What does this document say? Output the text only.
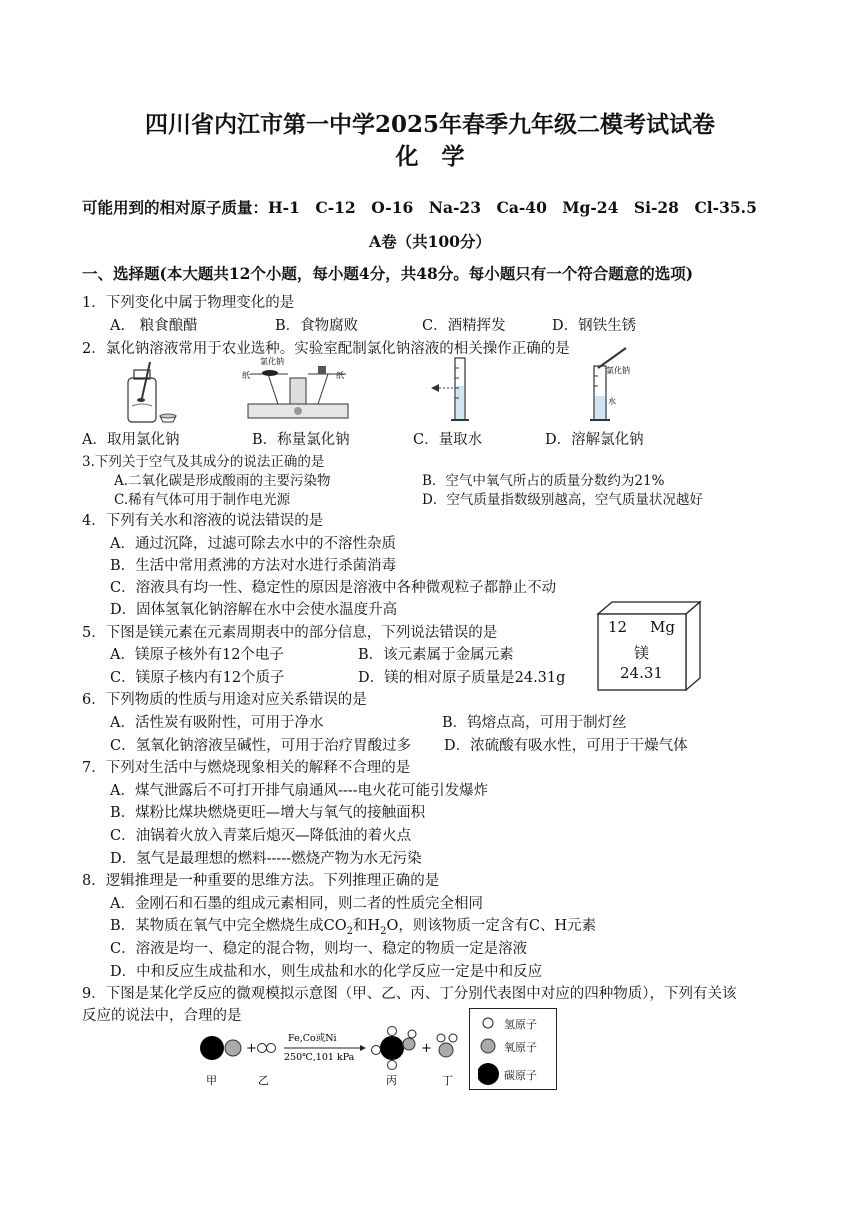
四川省内江市第一中学2025年春季九年级二模考试试卷
化　学
可能用到的相对原子质量：H-1　C-12　O-16　Na-23　Ca-40　Mg-24　Si-28　Cl-35.5
A卷（共100分）
一、选择题(本大题共12个小题，每小题4分，共48分。每小题只有一个符合题意的选项)
1．下列变化中属于物理变化的是
A． 粮食酿醋	B．食物腐败	C．酒精挥发	D．钢铁生锈
2．氯化钠溶液常用于农业选种。实验室配制氯化钠溶液的相关操作正确的是
氯化钠
纸	纸
氯化钠
水
A．取用氯化钠	B．称量氯化钠	C．量取水	D．溶解氯化钠
3.下列关于空气及其成分的说法正确的是
A.二氧化碳是形成酸雨的主要污染物	B．空气中氧气所占的质量分数约为21%
C.稀有气体可用于制作电光源	D．空气质量指数级别越高，空气质量状况越好
4．下列有关水和溶液的说法错误的是
A．通过沉降，过滤可除去水中的不溶性杂质
B．生活中常用煮沸的方法对水进行杀菌消毒
C．溶液具有均一性、稳定性的原因是溶液中各种微观粒子都静止不动
D．固体氢氧化钠溶解在水中会使水温度升高
5．下图是镁元素在元素周期表中的部分信息，下列说法错误的是
A．镁原子核外有12个电子	B．该元素属于金属元素
C．镁原子核内有12个质子	D．镁的相对原子质量是24.31g
12 Mg
镁
24.31
6．下列物质的性质与用途对应关系错误的是
A．活性炭有吸附性，可用于净水	B．钨熔点高，可用于制灯丝
C．氢氧化钠溶液呈碱性，可用于治疗胃酸过多 D．浓硫酸有吸水性，可用于干燥气体
7．下列对生活中与燃烧现象相关的解释不合理的是
A．煤气泄露后不可打开排气扇通风----电火花可能引发爆炸
B．煤粉比煤块燃烧更旺—增大与氧气的接触面积
C．油锅着火放入青菜后熄灭—降低油的着火点
D．氢气是最理想的燃料-----燃烧产物为水无污染
8．逻辑推理是一种重要的思维方法。下列推理正确的是
A．金刚石和石墨的组成元素相同，则二者的性质完全相同
B．某物质在氧气中完全燃烧生成$CO_2$和$H_2O$，则该物质一定含有C、H元素
C．溶液是均一、稳定的混合物，则均一、稳定的物质一定是溶液
D．中和反应生成盐和水，则生成盐和水的化学反应一定是中和反应
9．下图是某化学反应的微观模拟示意图（甲、乙、丙、丁分别代表图中对应的四种物质），下列有关该
反应的说法中，合理的是
+
Fe,Co或Ni
250℃,101 kPa
+
甲	乙	丙	丁
氢原子
氧原子
碳原子
